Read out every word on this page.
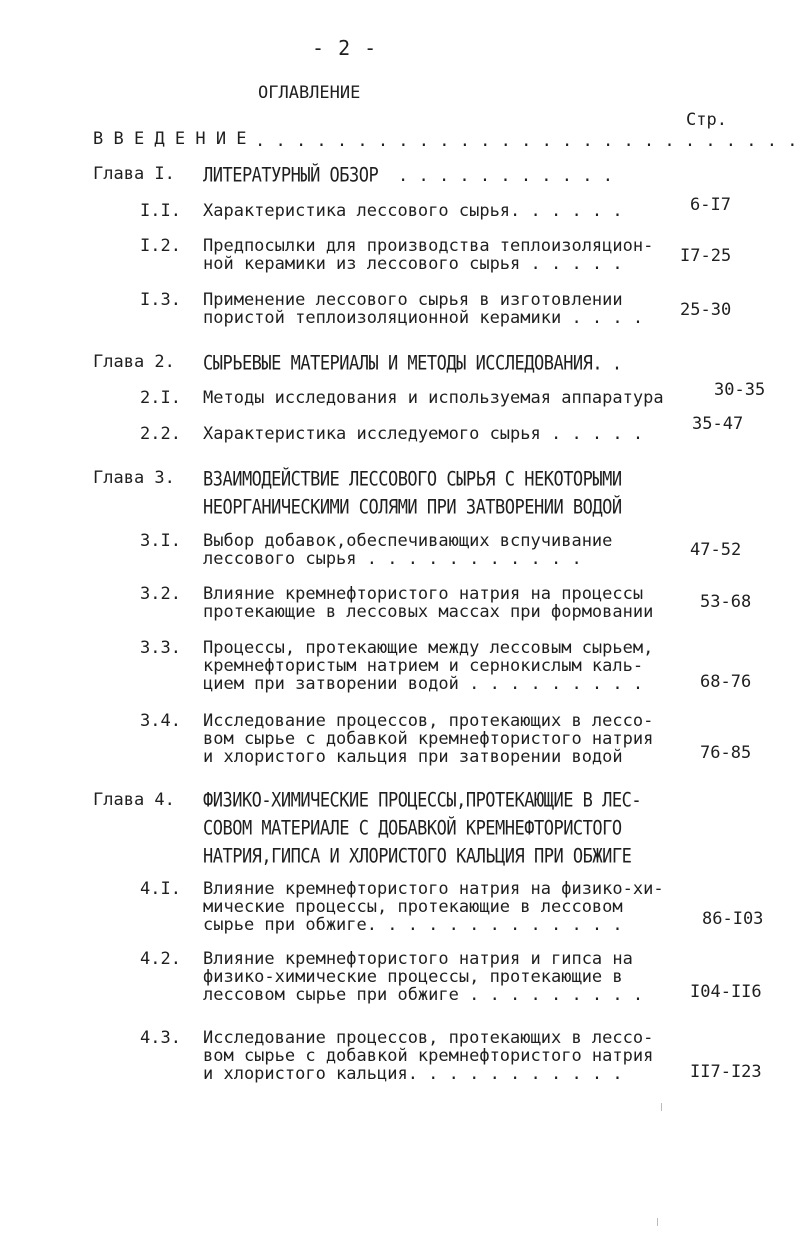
- 2 -
ОГЛАВЛЕНИЕ
Стр.
В В Е Д Е Н И Е . . . . . . . . . . . . . . . . . . . . . . . . . . .
Глава I. ЛИТЕРАТУРНЫЙ ОБЗОР . . . . . . . . . . .
I.I. Характеристика лессового сырья. . . . . .	6-I7
I.2. Предпосылки для производства теплоизоляцион-
ной керамики из лессового сырья . . . . .	I7-25
I.3. Применение лессового сырья в изготовлении
пористой теплоизоляционной керамики . . . . 25-30
Глава 2. СЫРЬЕВЫЕ МАТЕРИАЛЫ И МЕТОДЫ ИССЛЕДОВАНИЯ. .
2.I. Методы исследования и используемая аппаратура	30-35
2.2. Характеристика исследуемого сырья . . . . .	35-47
Глава 3. ВЗАИМОДЕЙСТВИЕ ЛЕССОВОГО СЫРЬЯ С НЕКОТОРЫМИ
НЕОРГАНИЧЕСКИМИ СОЛЯМИ ПРИ ЗАТВОРЕНИИ ВОДОЙ
3.I. Выбор добавок,обеспечивающих вспучивание
лессового сырья . . . . . . . . . . .	47-52
3.2. Влияние кремнефтористого натрия на процессы
протекающие в лессовых массах при формовании	53-68
3.3. Процессы, протекающие между лессовым сырьем,
кремнефтористым натрием и сернокислым каль-
цием при затворении водой . . . . . . . . .	68-76
3.4. Исследование процессов, протекающих в лессо-
вом сырье с добавкой кремнефтористого натрия
и хлористого кальция при затворении водой	76-85
Глава 4. ФИЗИКО-ХИМИЧЕСКИЕ ПРОЦЕССЫ,ПРОТЕКАЮЩИЕ В ЛЕС-
СОВОМ МАТЕРИАЛЕ С ДОБАВКОЙ КРЕМНЕФТОРИСТОГО
НАТРИЯ,ГИПСА И ХЛОРИСТОГО КАЛЬЦИЯ ПРИ ОБЖИГЕ
4.I. Влияние кремнефтористого натрия на физико-хи-
мические процессы, протекающие в лессовом
сырье при обжиге. . . . . . . . . . . . .	86-I03
4.2. Влияние кремнефтористого натрия и гипса на
физико-химические процессы, протекающие в
лессовом сырье при обжиге . . . . . . . . .	I04-II6
4.3. Исследование процессов, протекающих в лессо-
вом сырье с добавкой кремнефтористого натрия
и хлористого кальция. . . . . . . . . . .	II7-I23
